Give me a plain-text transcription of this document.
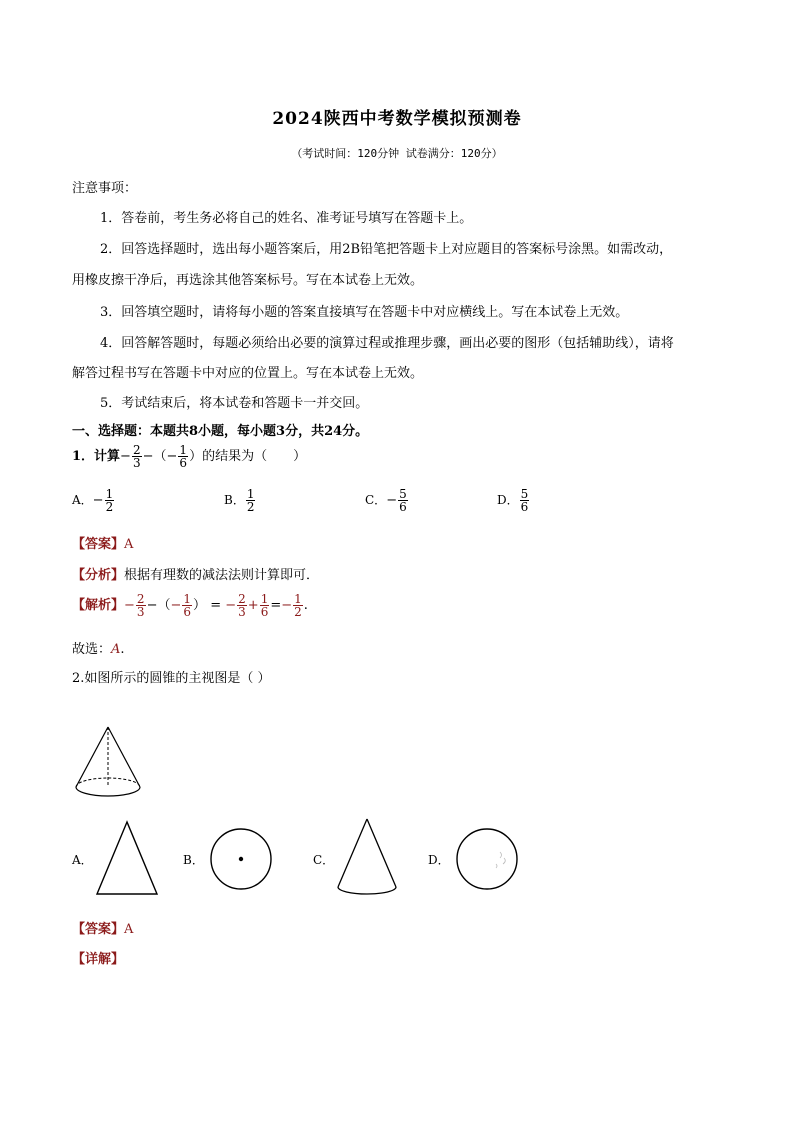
2024陕西中考数学模拟预测卷
（考试时间：120分钟 试卷满分：120分）
注意事项：
1．答卷前，考生务必将自己的姓名、准考证号填写在答题卡上。
2．回答选择题时，选出每小题答案后，用2B铅笔把答题卡上对应题目的答案标号涂黑。如需改动，
用橡皮擦干净后，再选涂其他答案标号。写在本试卷上无效。
3．回答填空题时，请将每小题的答案直接填写在答题卡中对应横线上。写在本试卷上无效。
4．回答解答题时，每题必须给出必要的演算过程或推理步骤，画出必要的图形（包括辅助线），请将
解答过程书写在答题卡中对应的位置上。写在本试卷上无效。
5．考试结束后，将本试卷和答题卡一并交回。
一、选择题：本题共8小题，每小题3分，共24分。
1．计算− $\frac{2}{3}$ −（− $\frac{1}{6}$ ）的结果为（　　）
A．− $\frac{1}{2}$	B． $\frac{1}{2}$	C．− $\frac{5}{6}$	D． $\frac{5}{6}$
【答案】A
【分析】根据有理数的减法法则计算即可．
【解析】− $\frac{2}{3}$ −（− $\frac{1}{6}$ ） = − $\frac{2}{3} + \frac{1}{6} =- \frac{1}{2}$ .
故选：A.
2.如图所示的圆锥的主视图是（ ）
A．	B．	C．	D．
【答案】A
【详解】
